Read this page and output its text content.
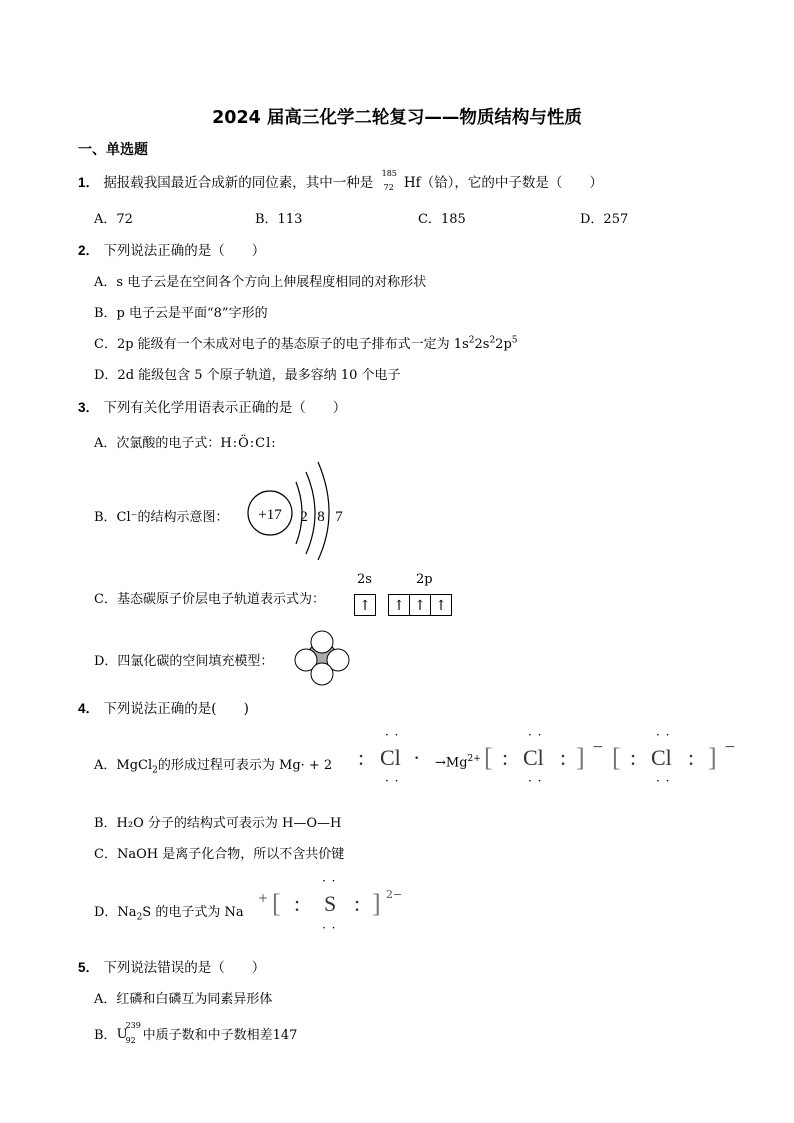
2024 届高三化学二轮复习——物质结构与性质
一、单选题
1． 据报载我国最近合成新的同位素，其中一种是
185
72 Hf（铪），它的中子数是（　　）
A．72	B．113	C．185	D．257
2． 下列说法正确的是（　　）
A．s 电子云是在空间各个方向上伸展程度相同的对称形状
B．p 电子云是平面“8”字形的
C．2p 能级有一个未成对电子的基态原子的电子排布式一定为 $1s^22s^22p^5$
D．2d 能级包含 5 个原子轨道，最多容纳 10 个电子
3． 下列有关化学用语表示正确的是（　　）
A．次氯酸的电子式：H:Ö:Cl:
B．Cl⁻的结构示意图： +17 2 8 7
C．基态碳原子价层电子轨道表示式为：
2s	2p
↑	↑ ↑ ↑
D．四氯化碳的空间填充模型：
4． 下列说法正确的是(　　)
A．MgCl$_2$的形成过程可表示为 Mg· + 2
· ·
: Cl ·
· ·
$\to Mg^{2+}$ [ :
· ·
Cl :
· ·
] − [ :
· ·
Cl :
· ·
] −
B．H₂O 分子的结构式可表示为 H—O—H
C．NaOH 是离子化合物，所以不含共价键
D．$Na_2S$ 的电子式为 Na
+ [ :
· ·
S :
· ·
] 2−
5． 下列说法错误的是（　　）
A．红磷和白磷互为同素异形体
B． U
239
92 中质子数和中子数相差147
